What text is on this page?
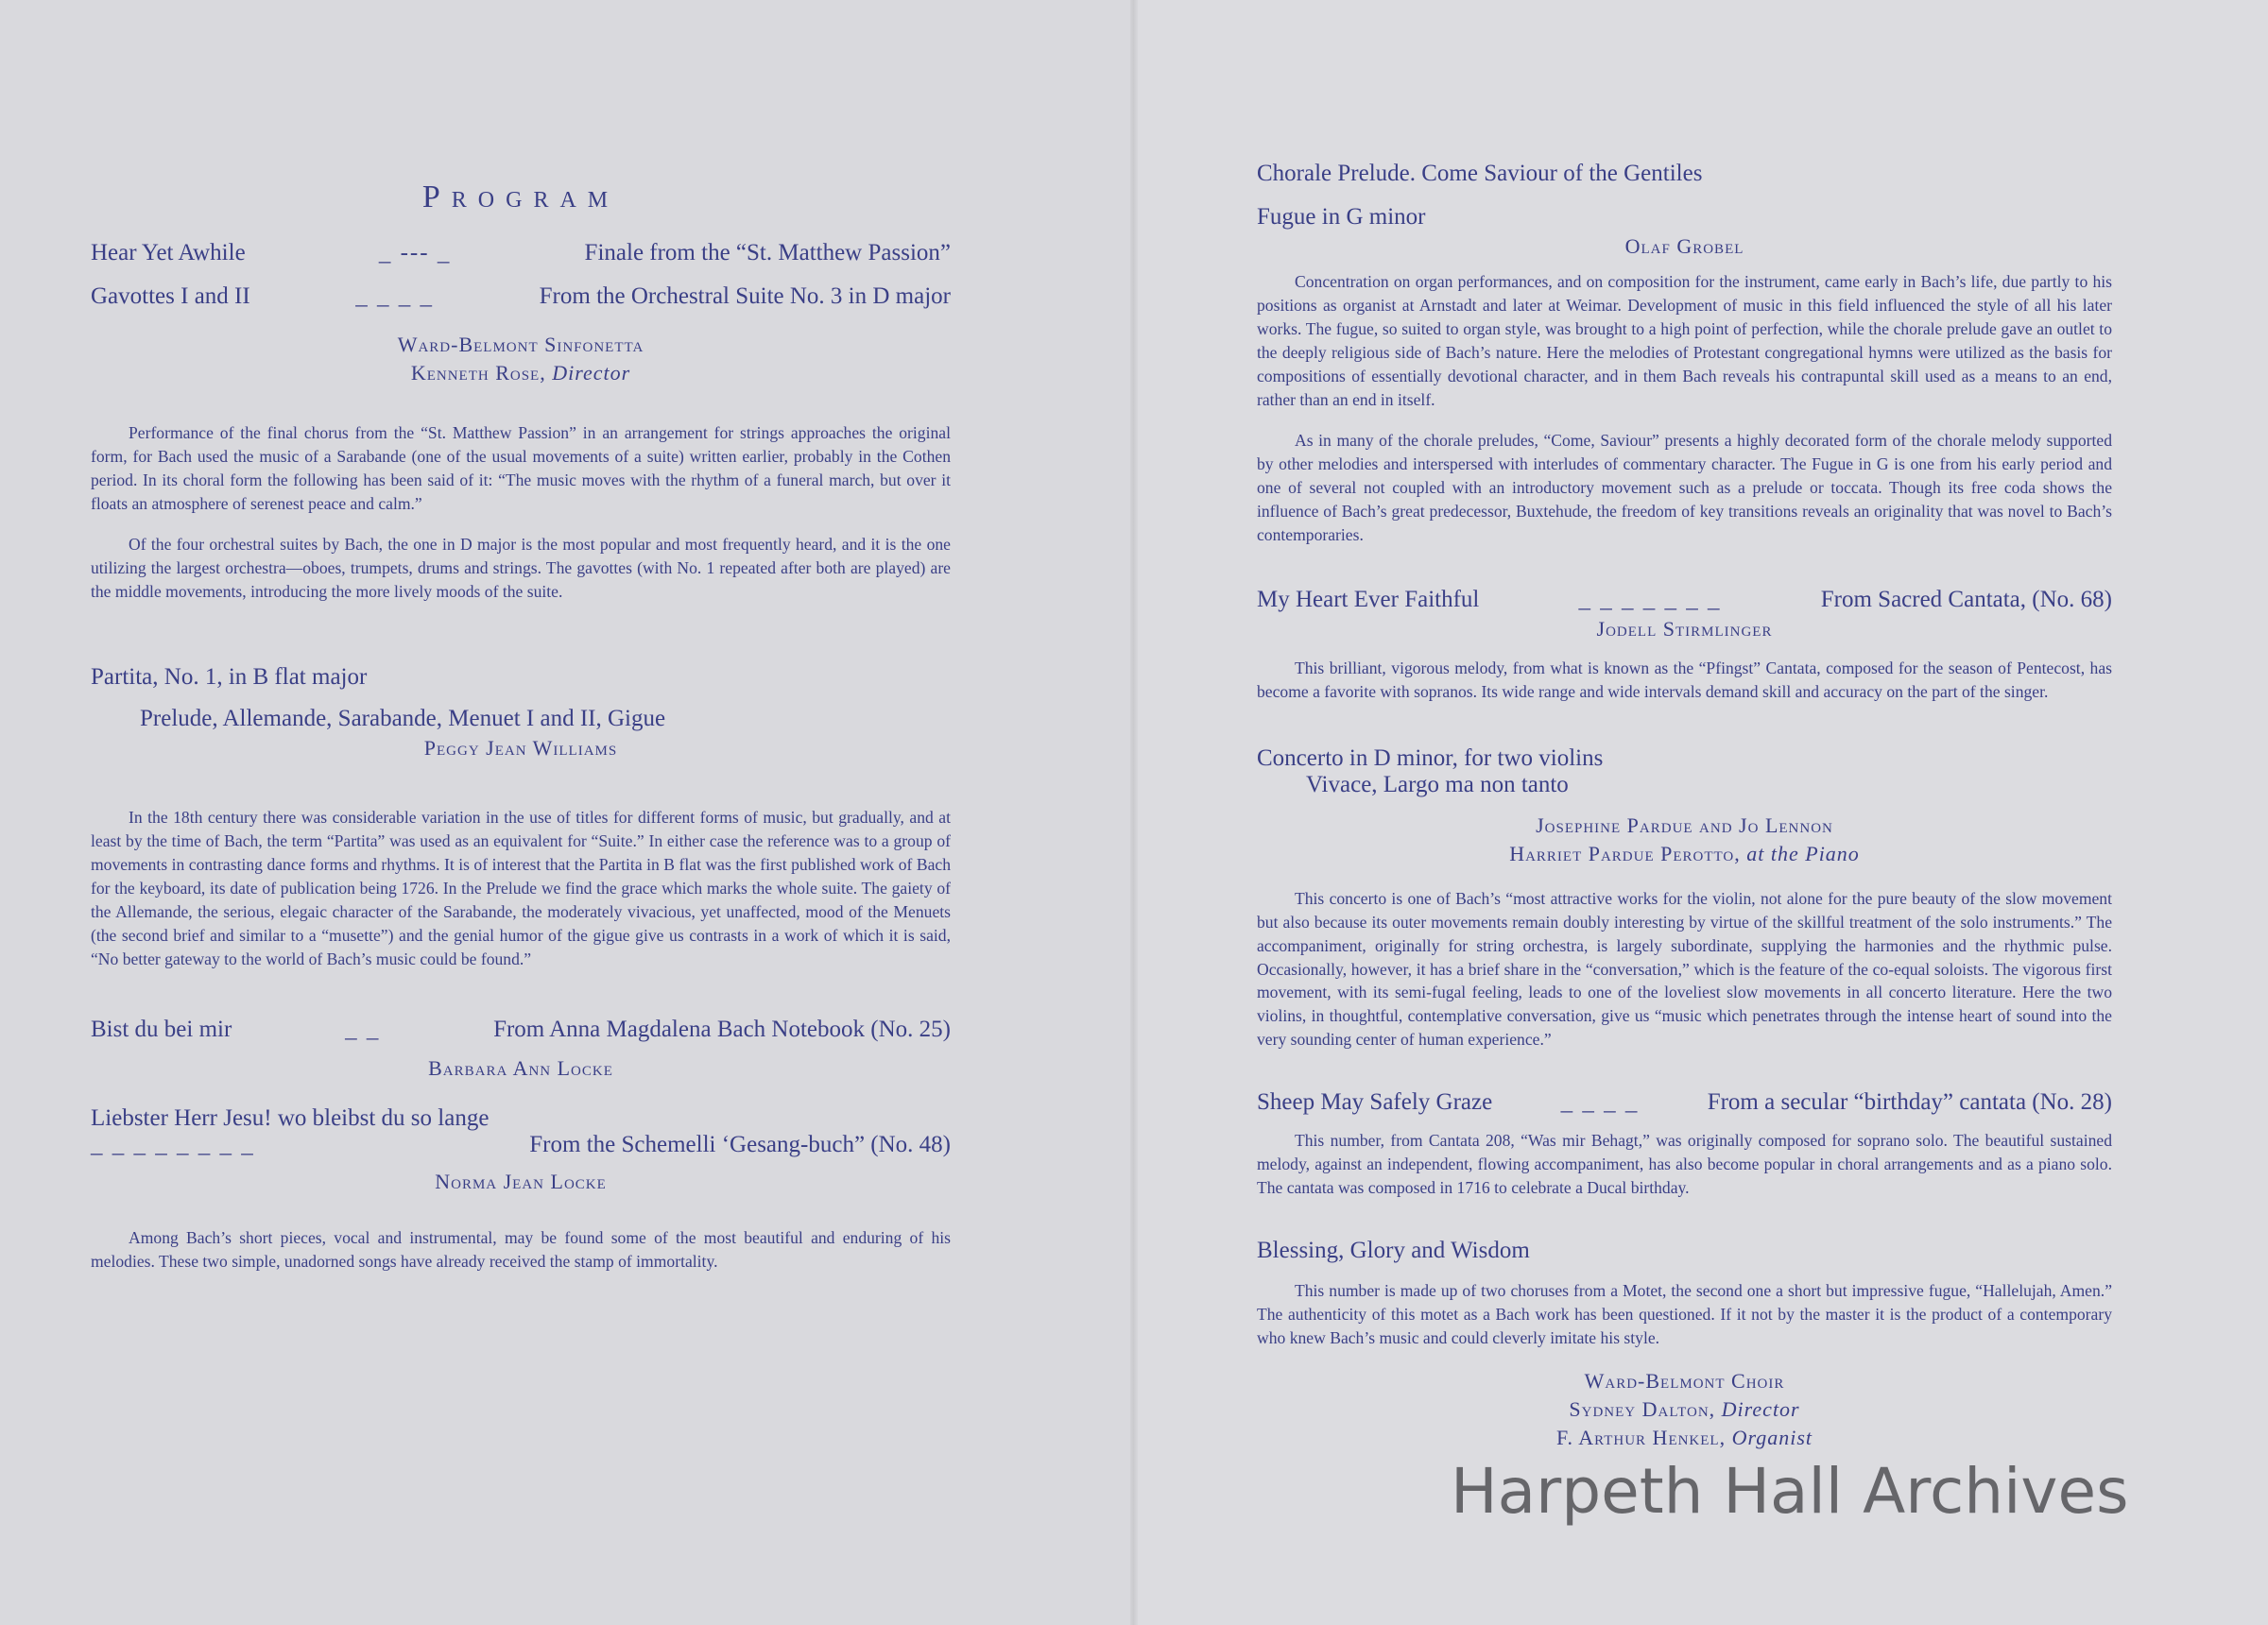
Program
Hear Yet Awhile	_ --- _	Finale from the “St. Matthew Passion”
Gavottes I and II	_ _ _ _	From the Orchestral Suite No. 3 in D major
Ward-Belmont Sinfonetta
Kenneth Rose, Director

Performance of the final chorus from the “St. Matthew Passion” in an arrangement for strings approaches the original form, for Bach used the music of a Sarabande (one of the usual movements of a suite) written earlier, probably in the Cothen period. In its choral form the following has been said of it: “The music moves with the rhythm of a funeral march, but over it floats an atmosphere of serenest peace and calm.”

Of the four orchestral suites by Bach, the one in D major is the most popular and most frequently heard, and it is the one utilizing the largest orchestra—oboes, trumpets, drums and strings. The gavottes (with No. 1 repeated after both are played) are the middle movements, introducing the more lively moods of the suite.

Partita, No. 1, in B flat major
Prelude, Allemande, Sarabande, Menuet I and II, Gigue
Peggy Jean Williams

In the 18th century there was considerable variation in the use of titles for different forms of music, but gradually, and at least by the time of Bach, the term “Partita” was used as an equivalent for “Suite.” In either case the reference was to a group of movements in contrasting dance forms and rhythms. It is of interest that the Partita in B flat was the first published work of Bach for the keyboard, its date of publication being 1726. In the Prelude we find the grace which marks the whole suite. The gaiety of the Allemande, the serious, elegaic character of the Sarabande, the moderately vivacious, yet unaffected, mood of the Menuets (the second brief and similar to a “musette”) and the genial humor of the gigue give us contrasts in a work of which it is said, “No better gateway to the world of Bach’s music could be found.”

Bist du bei mir	_ _	From Anna Magdalena Bach Notebook (No. 25)
Barbara Ann Locke
Liebster Herr Jesu! wo bleibst du so lange
_ _ _ _ _ _ _ _	From the Schemelli ‘Gesang-buch” (No. 48)
Norma Jean Locke

Among Bach’s short pieces, vocal and instrumental, may be found some of the most beautiful and enduring of his melodies. These two simple, unadorned songs have already received the stamp of immortality.

Chorale Prelude. Come Saviour of the Gentiles
Fugue in G minor
Olaf Grobel

Concentration on organ performances, and on composition for the instrument, came early in Bach’s life, due partly to his positions as organist at Arnstadt and later at Weimar. Development of music in this field influenced the style of all his later works. The fugue, so suited to organ style, was brought to a high point of perfection, while the chorale prelude gave an outlet to the deeply religious side of Bach’s nature. Here the melodies of Protestant congregational hymns were utilized as the basis for compositions of essentially devotional character, and in them Bach reveals his contrapuntal skill used as a means to an end, rather than an end in itself.

As in many of the chorale preludes, “Come, Saviour” presents a highly decorated form of the chorale melody supported by other melodies and interspersed with interludes of commentary character. The Fugue in G is one from his early period and one of several not coupled with an introductory movement such as a prelude or toccata. Though its free coda shows the influence of Bach’s great predecessor, Buxtehude, the freedom of key transitions reveals an originality that was novel to Bach’s contemporaries.

My Heart Ever Faithful	_ _ _ _ _ _ _	From Sacred Cantata, (No. 68)
Jodell Stirmlinger

This brilliant, vigorous melody, from what is known as the “Pfingst” Cantata, composed for the season of Pentecost, has become a favorite with sopranos. Its wide range and wide intervals demand skill and accuracy on the part of the singer.

Concerto in D minor, for two violins
Vivace, Largo ma non tanto
Josephine Pardue and Jo Lennon
Harriet Pardue Perotto, at the Piano

This concerto is one of Bach’s “most attractive works for the violin, not alone for the pure beauty of the slow movement but also because its outer movements remain doubly interesting by virtue of the skillful treatment of the solo instruments.” The accompaniment, originally for string orchestra, is largely subordinate, supplying the harmonies and the rhythmic pulse. Occasionally, however, it has a brief share in the “conversation,” which is the feature of the co-equal soloists. The vigorous first movement, with its semi-fugal feeling, leads to one of the loveliest slow movements in all concerto literature. Here the two violins, in thoughtful, contemplative conversation, give us “music which penetrates through the intense heart of sound into the very sounding center of human experience.”

Sheep May Safely Graze	_ _ _ _	From a secular “birthday” cantata (No. 28)

This number, from Cantata 208, “Was mir Behagt,” was originally composed for soprano solo. The beautiful sustained melody, against an independent, flowing accompaniment, has also become popular in choral arrangements and as a piano solo. The cantata was composed in 1716 to celebrate a Ducal birthday.

Blessing, Glory and Wisdom

This number is made up of two choruses from a Motet, the second one a short but impressive fugue, “Hallelujah, Amen.” The authenticity of this motet as a Bach work has been questioned. If it not by the master it is the product of a contemporary who knew Bach’s music and could cleverly imitate his style.

Ward-Belmont Choir
Sydney Dalton, Director
F. Arthur Henkel, Organist
Harpeth Hall Archives
